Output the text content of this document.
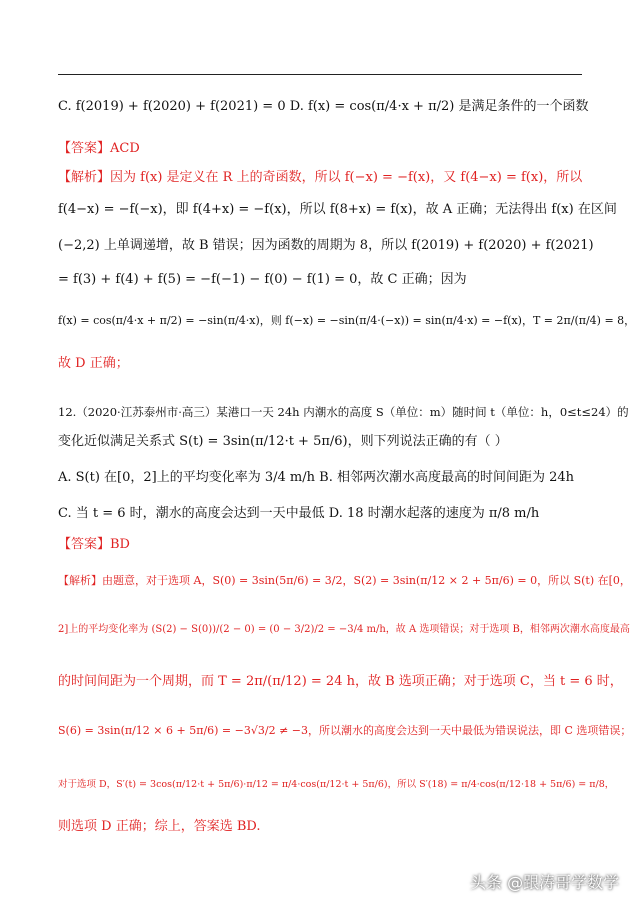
C. f(2019) + f(2020) + f(2021) = 0 D. f(x) = cos(π/4·x + π/2) 是满足条件的一个函数
【答案】ACD
【解析】因为 f(x) 是定义在 R 上的奇函数，所以 f(−x) = −f(x)，又 f(4−x) = f(x)，所以
f(4−x) = −f(−x)，即 f(4+x) = −f(x)，所以 f(8+x) = f(x)，故 A 正确；无法得出 f(x) 在区间
(−2,2) 上单调递增，故 B 错误；因为函数的周期为 8，所以 f(2019) + f(2020) + f(2021)
= f(3) + f(4) + f(5) = −f(−1) − f(0) − f(1) = 0，故 C 正确；因为
f(x) = cos(π/4·x + π/2) = −sin(π/4·x)，则 f(−x) = −sin(π/4·(−x)) = sin(π/4·x) = −f(x)，T = 2π/(π/4) = 8，
故 D 正确；
12.（2020·江苏泰州市·高三）某港口一天 24h 内潮水的高度 S（单位：m）随时间 t（单位：h，0≤t≤24）的
变化近似满足关系式 S(t) = 3sin(π/12·t + 5π/6)，则下列说法正确的有（ ）
A. S(t) 在[0，2]上的平均变化率为 3/4 m/h B. 相邻两次潮水高度最高的时间间距为 24h
C. 当 t = 6 时，潮水的高度会达到一天中最低 D. 18 时潮水起落的速度为 π/8 m/h
【答案】BD
【解析】由题意，对于选项 A，S(0) = 3sin(5π/6) = 3/2，S(2) = 3sin(π/12 × 2 + 5π/6) = 0，所以 S(t) 在[0，
2]上的平均变化率为 (S(2) − S(0))/(2 − 0) = (0 − 3/2)/2 = −3/4 m/h，故 A 选项错误；对于选项 B，相邻两次潮水高度最高
的时间间距为一个周期，而 T = 2π/(π/12) = 24 h，故 B 选项正确；对于选项 C，当 t = 6 时，
S(6) = 3sin(π/12 × 6 + 5π/6) = −3√3/2 ≠ −3，所以潮水的高度会达到一天中最低为错误说法，即 C 选项错误；
对于选项 D，S′(t) = 3cos(π/12·t + 5π/6)·π/12 = π/4·cos(π/12·t + 5π/6)，所以 S′(18) = π/4·cos(π/12·18 + 5π/6) = π/8，
则选项 D 正确；综上，答案选 BD.
头条 @跟涛哥学数学
